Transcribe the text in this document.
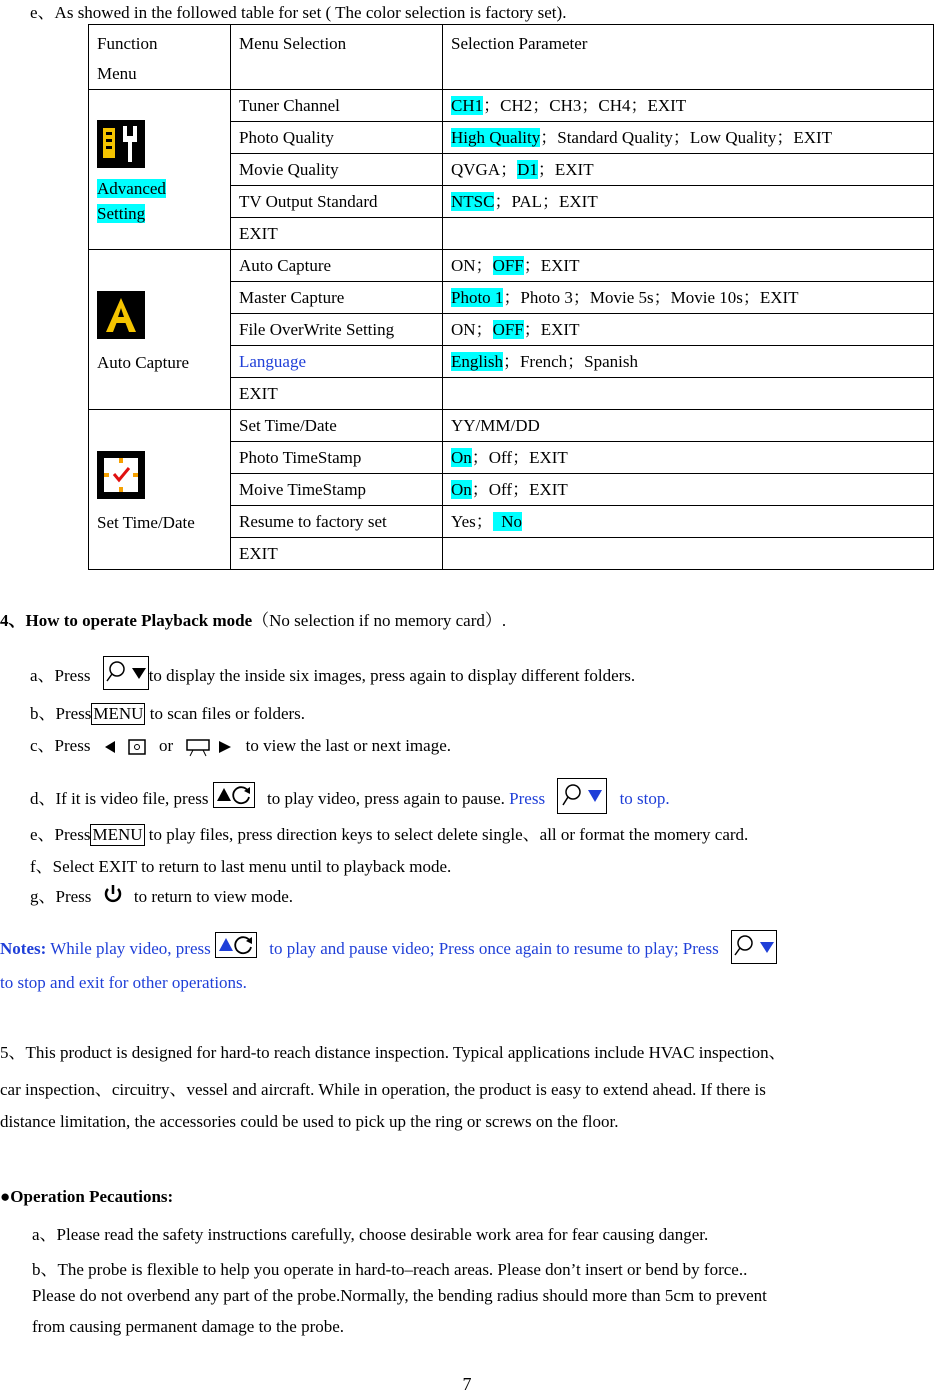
e、As showed in the followed table for set ( The color selection is factory set).
Function
Menu	Menu Selection	Selection Parameter

Advanced
Setting	Tuner Channel	CH1；CH2；CH3；CH4；EXIT
	Photo Quality	High Quality；Standard Quality；Low Quality；EXIT
	Movie Quality	QVGA；D1；EXIT
	TV Output Standard	NTSC；PAL；EXIT
	EXIT	

Auto Capture	Auto Capture	ON；OFF；EXIT
	Master Capture	Photo 1；Photo 3；Movie 5s；Movie 10s；EXIT
	File OverWrite Setting	ON；OFF；EXIT
	Language	English；French；Spanish
	EXIT	

Set Time/Date	Set Time/Date	YY/MM/DD
	Photo TimeStamp	On；Off；EXIT
	Moive TimeStamp	On；Off；EXIT
	Resume to factory set	Yes；  No
	EXIT	
4、How to operate Playback mode（No selection if no memory card）.
a、Press	to display the inside six images, press again to display different folders.
b、Press MENU to scan files or folders.
c、Press	or	to view the last or next image.
d、If it is video file, press	to play video, press again to pause. Press	to stop.
e、Press MENU to play files, press direction keys to select delete single、all or format the momery card.
f、Select EXIT to return to last menu until to playback mode.
g、Press	to return to view mode.
Notes: While play video, press	to play and pause video; Press once again to resume to play; Press
to stop and exit for other operations.
5、This product is designed for hard-to reach distance inspection. Typical applications include HVAC inspection、
car inspection、circuitry、vessel and aircraft. While in operation, the product is easy to extend ahead. If there is
distance limitation, the accessories could be used to pick up the ring or screws on the floor.
●Operation Pecautions:
a、Please read the safety instructions carefully, choose desirable work area for fear causing danger.
b、The probe is flexible to help you operate in hard-to–reach areas. Please don’t insert or bend by force..
Please do not overbend any part of the probe.Normally, the bending radius should more than 5cm to prevent
from causing permanent damage to the probe.
7
